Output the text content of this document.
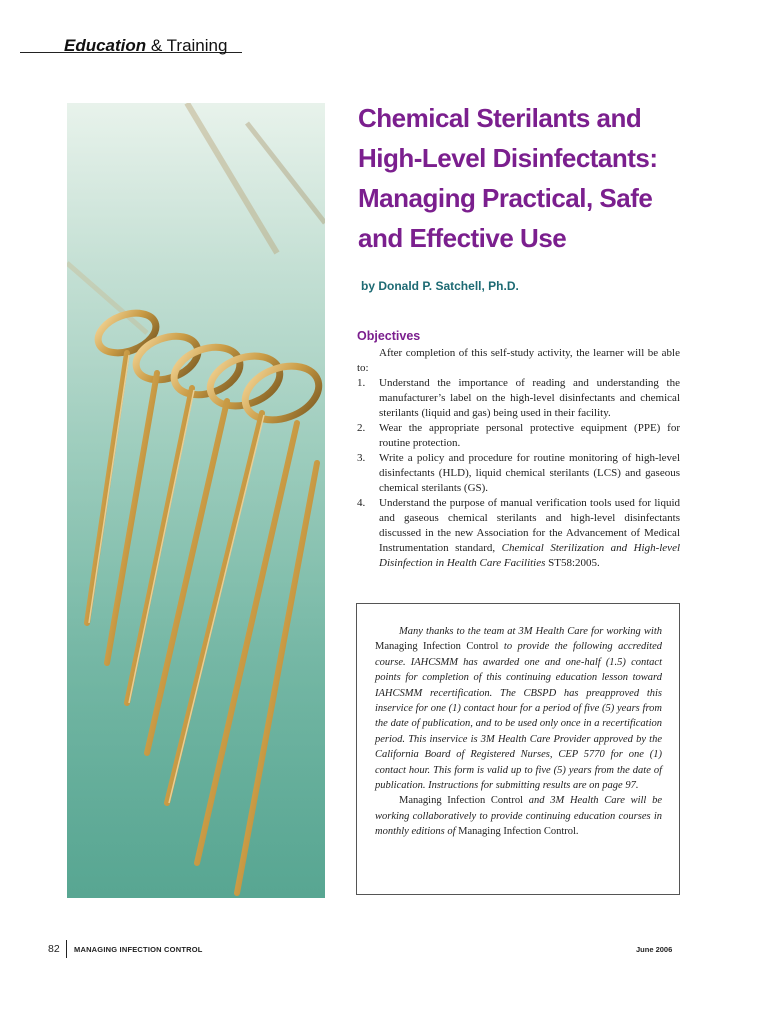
Education & Training
Chemical Sterilants and
High-Level Disinfectants:
Managing Practical, Safe
and Effective Use
by Donald P. Satchell, Ph.D.
Objectives

After completion of this self-study activity, the learner will be able to:

1. Understand the importance of reading and understanding the manufacturer’s label on the high-level disinfectants and chemical sterilants (liquid and gas) being used in their facility.
2. Wear the appropriate personal protective equipment (PPE) for routine protection.
3. Write a policy and procedure for routine monitoring of high-level disinfectants (HLD), liquid chemical sterilants (LCS) and gaseous chemical sterilants (GS).
4. Understand the purpose of manual verification tools used for liquid and gaseous chemical sterilants and high-level disinfectants discussed in the new Association for the Advancement of Medical Instrumentation standard, Chemical Sterilization and High-level Disinfection in Health Care Facilities ST58:2005.

Many thanks to the team at 3M Health Care for working with Managing Infection Control to provide the following accredited course. IAHCSMM has awarded one and one-half (1.5) contact points for completion of this continuing education lesson toward IAHCSMM recertification. The CBSPD has preapproved this inservice for one (1) contact hour for a period of five (5) years from the date of publication, and to be used only once in a recertification period. This inservice is 3M Health Care Provider approved by the California Board of Registered Nurses, CEP 5770 for one (1) contact hour. This form is valid up to five (5) years from the date of publication. Instructions for submitting results are on page 97.

Managing Infection Control and 3M Health Care will be working collaboratively to provide continuing education courses in monthly editions of Managing Infection Control.

82 MANAGING INFECTION CONTROL	June 2006
